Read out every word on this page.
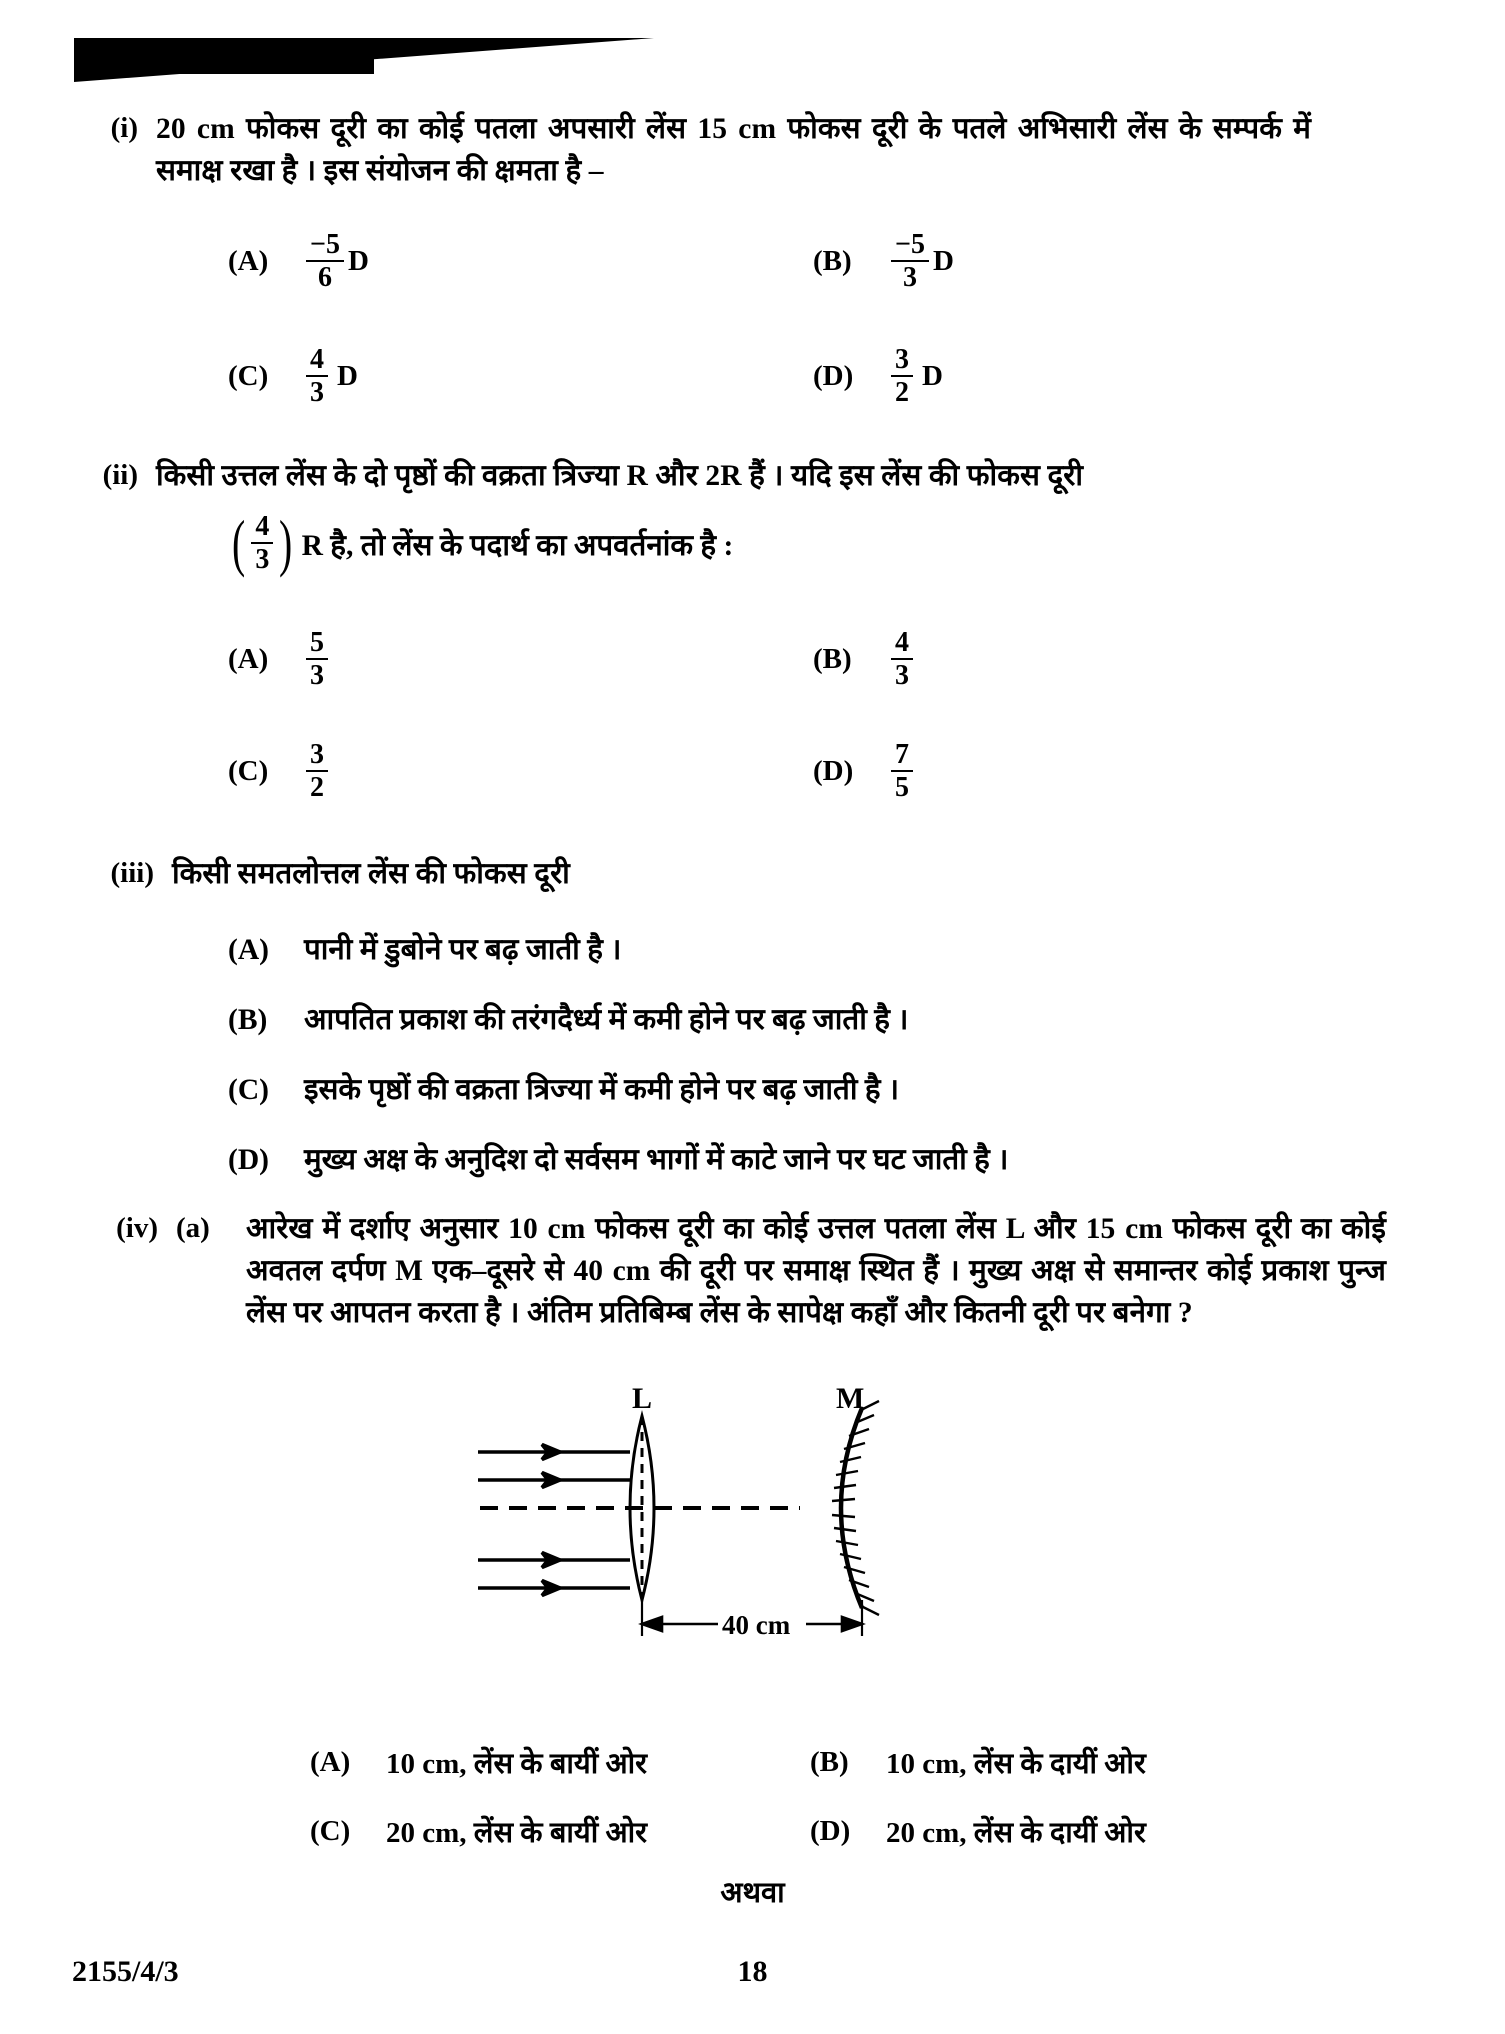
(i) 20 cm फोकस दूरी का कोई पतला अपसारी लेंस 15 cm फोकस दूरी के पतले अभिसारी लेंस के सम्पर्क में समाक्ष रखा है । इस संयोजन की क्षमता है –
(A)	$\frac{-5}{6}$ D	(B)	$\frac{-5}{3}$ D
(C)	$\frac{4}{3}$ D	(D)	$\frac{3}{2}$ D
(ii) किसी उत्तल लेंस के दो पृष्ठों की वक्रता त्रिज्या R और 2R हैं । यदि इस लेंस की फोकस दूरी
( $\frac{4}{3}$ ) R है, तो लेंस के पदार्थ का अपवर्तनांक है :
(A)	$\frac{5}{3}$	(B)	$\frac{4}{3}$
(C)	$\frac{3}{2}$	(D)	$\frac{7}{5}$
(iii) किसी समतलोत्तल लेंस की फोकस दूरी
(A)	पानी में डुबोने पर बढ़ जाती है ।
(B)	आपतित प्रकाश की तरंगदैर्ध्य में कमी होने पर बढ़ जाती है ।
(C)	इसके पृष्ठों की वक्रता त्रिज्या में कमी होने पर बढ़ जाती है ।
(D)	मुख्य अक्ष के अनुदिश दो सर्वसम भागों में काटे जाने पर घट जाती है ।
(iv) (a)	आरेख में दर्शाए अनुसार 10 cm फोकस दूरी का कोई उत्तल पतला लेंस L और 15 cm फोकस दूरी का कोई अवतल दर्पण M एक–दूसरे से 40 cm की दूरी पर समाक्ष स्थित हैं । मुख्य अक्ष से समान्तर कोई प्रकाश पुन्ज लेंस पर आपतन करता है । अंतिम प्रतिबिम्ब लेंस के सापेक्ष कहाँ और कितनी दूरी पर बनेगा ?
L	M
40 cm
(A)	10 cm, लेंस के बायीं ओर	(B)	10 cm, लेंस के दायीं ओर
(C)	20 cm, लेंस के बायीं ओर	(D)	20 cm, लेंस के दायीं ओर
अथवा
2155/4/3	18
